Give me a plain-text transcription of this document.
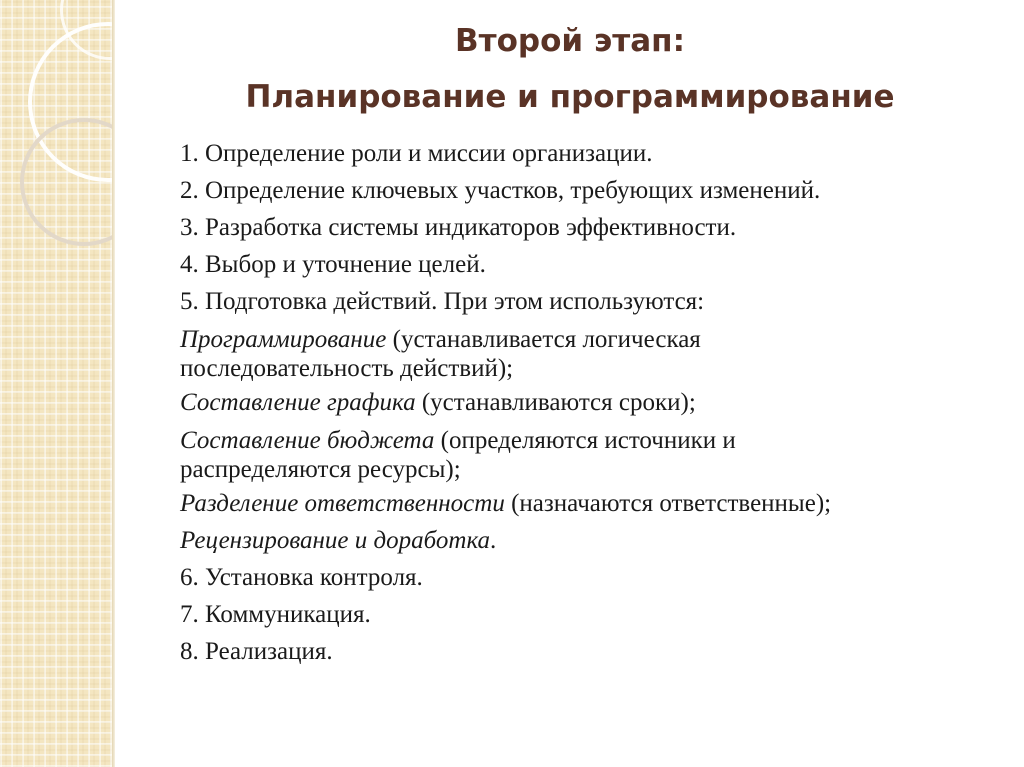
Второй этап:
Планирование и программирование
1. Определение роли и миссии организации.
2. Определение ключевых участков, требующих изменений.
3. Разработка системы индикаторов эффективности.
4. Выбор и уточнение целей.
5. Подготовка действий. При этом используются:
Программирование (устанавливается логическая
последовательность действий);
Составление графика (устанавливаются сроки);
Составление бюджета (определяются источники и
распределяются ресурсы);
Разделение ответственности (назначаются ответственные);
Рецензирование и доработка.
6. Установка контроля.
7. Коммуникация.
8. Реализация.
